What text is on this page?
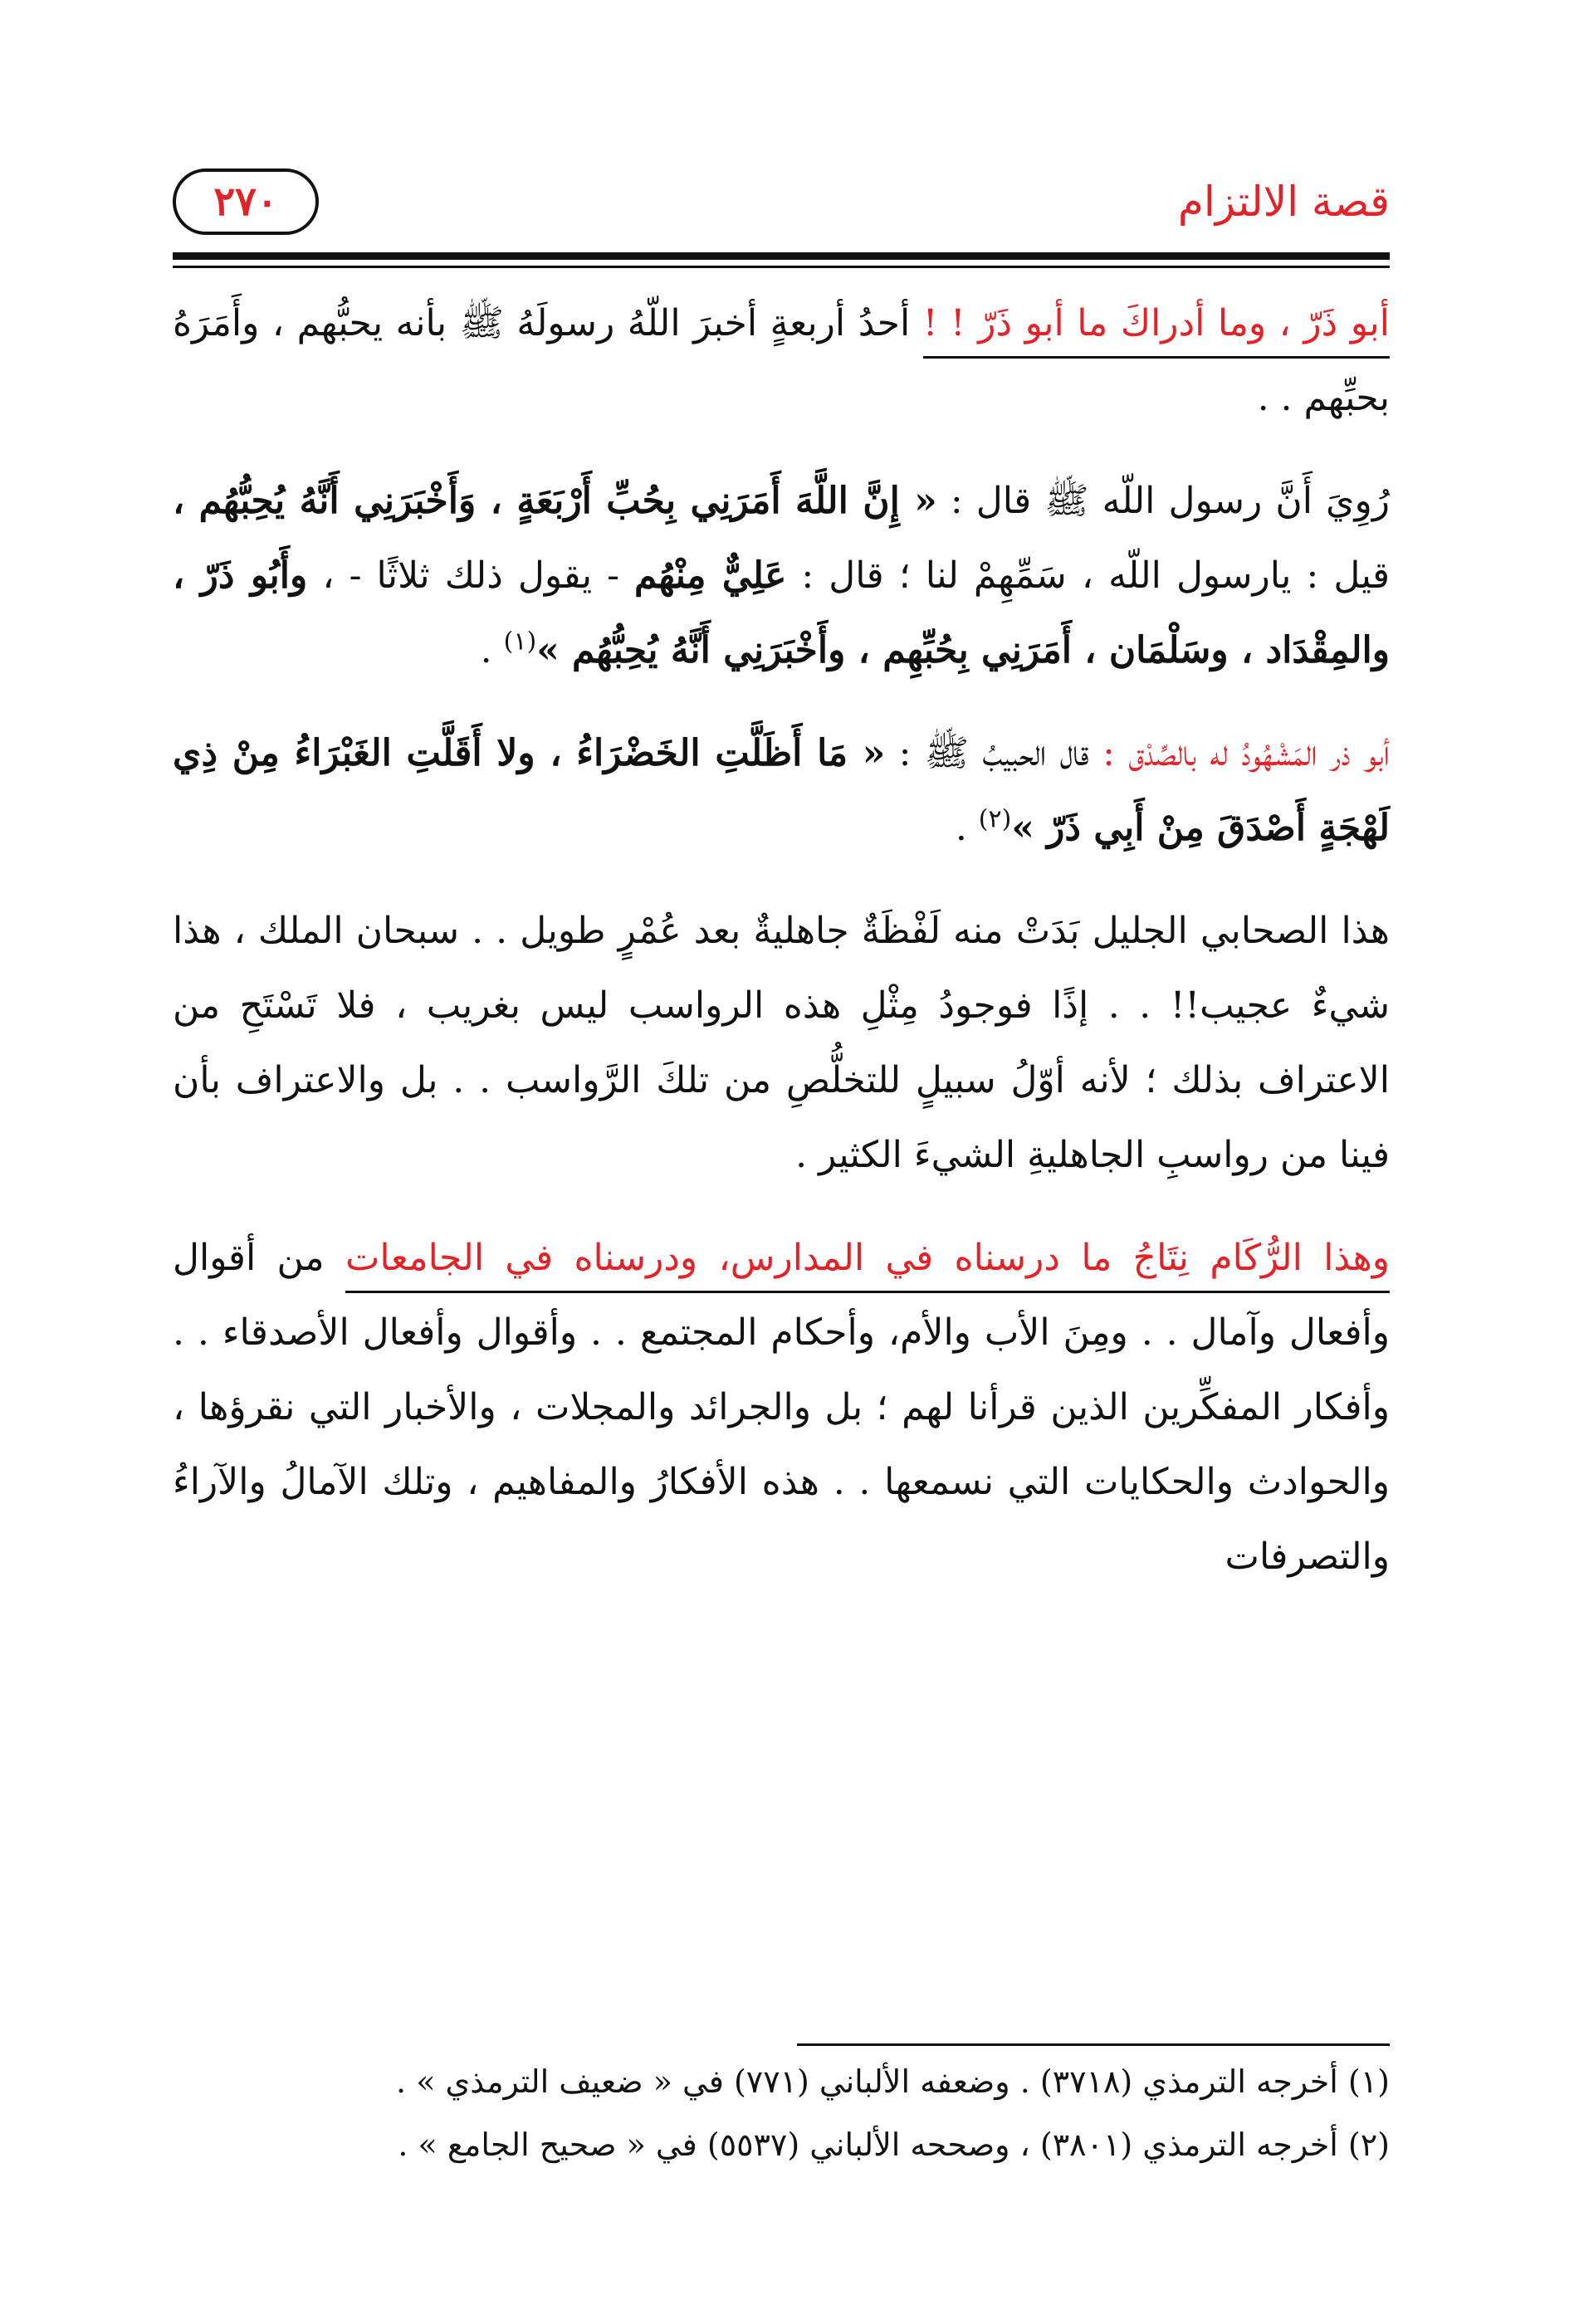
٢٧٠	قصة الالتزام

أبو ذَرّ ، وما أدراكَ ما أبو ذَرّ ! ! أحدُ أربعةٍ أخبرَ اللّهُ رسولَهُ ﷺ بأنه يحبُّهم ، وأَمَرَهُ بحبِّهم . .

رُوِيَ أَنَّ رسول اللّه ﷺ قال : « إِنَّ اللَّهَ أَمَرَنِي بِحُبِّ أَرْبَعَةٍ ، وَأَخْبَرَنِي أَنَّهُ يُحِبُّهُم ، قيل : يارسول اللّه ، سَمِّهِمْ لنا ؛ قال : عَلِيٌّ مِنْهُم - يقول ذلك ثلاثًا - ، وأَبُو ذَرّ ، والمِقْدَاد ، وسَلْمَان ، أَمَرَنِي بِحُبِّهِم ، وأَخْبَرَنِي أَنَّهُ يُحِبُّهُم »$^{(١)}$ .

أبو ذر المَشْهُودُ له بالصِّدْق : قال الحبيبُ ﷺ : « مَا أَظَلَّتِ الخَضْرَاءُ ، ولا أَقَلَّتِ الغَبْرَاءُ مِنْ ذِي لَهْجَةٍ أَصْدَقَ مِنْ أَبِي ذَرّ »$^{(٢)}$ .

هذا الصحابي الجليل بَدَتْ منه لَفْظَةٌ جاهليةٌ بعد عُمْرٍ طويل . . سبحان الملك ، هذا شيءٌ عجيب!! . . إذًا فوجودُ مِثْلِ هذه الرواسب ليس بغريب ، فلا تَسْتَحِ من الاعتراف بذلك ؛ لأنه أوّلُ سبيلٍ للتخلُّصِ من تلكَ الرَّواسب . . بل والاعتراف بأن فينا من رواسبِ الجاهليةِ الشيءَ الكثير .

وهذا الرُّكَام نِتَاجُ ما درسناه في المدارس، ودرسناه في الجامعات من أقوال وأفعال وآمال . . ومِنَ الأب والأم، وأحكام المجتمع . . وأقوال وأفعال الأصدقاء . . وأفكار المفكِّرين الذين قرأنا لهم ؛ بل والجرائد والمجلات ، والأخبار التي نقرؤها ، والحوادث والحكايات التي نسمعها . . هذه الأفكارُ والمفاهيم ، وتلك الآمالُ والآراءُ والتصرفات

(١) أخرجه الترمذي (٣٧١٨) . وضعفه الألباني (٧٧١) في « ضعيف الترمذي » .
(٢) أخرجه الترمذي (٣٨٠١) ، وصححه الألباني (٥٥٣٧) في « صحيح الجامع » .
